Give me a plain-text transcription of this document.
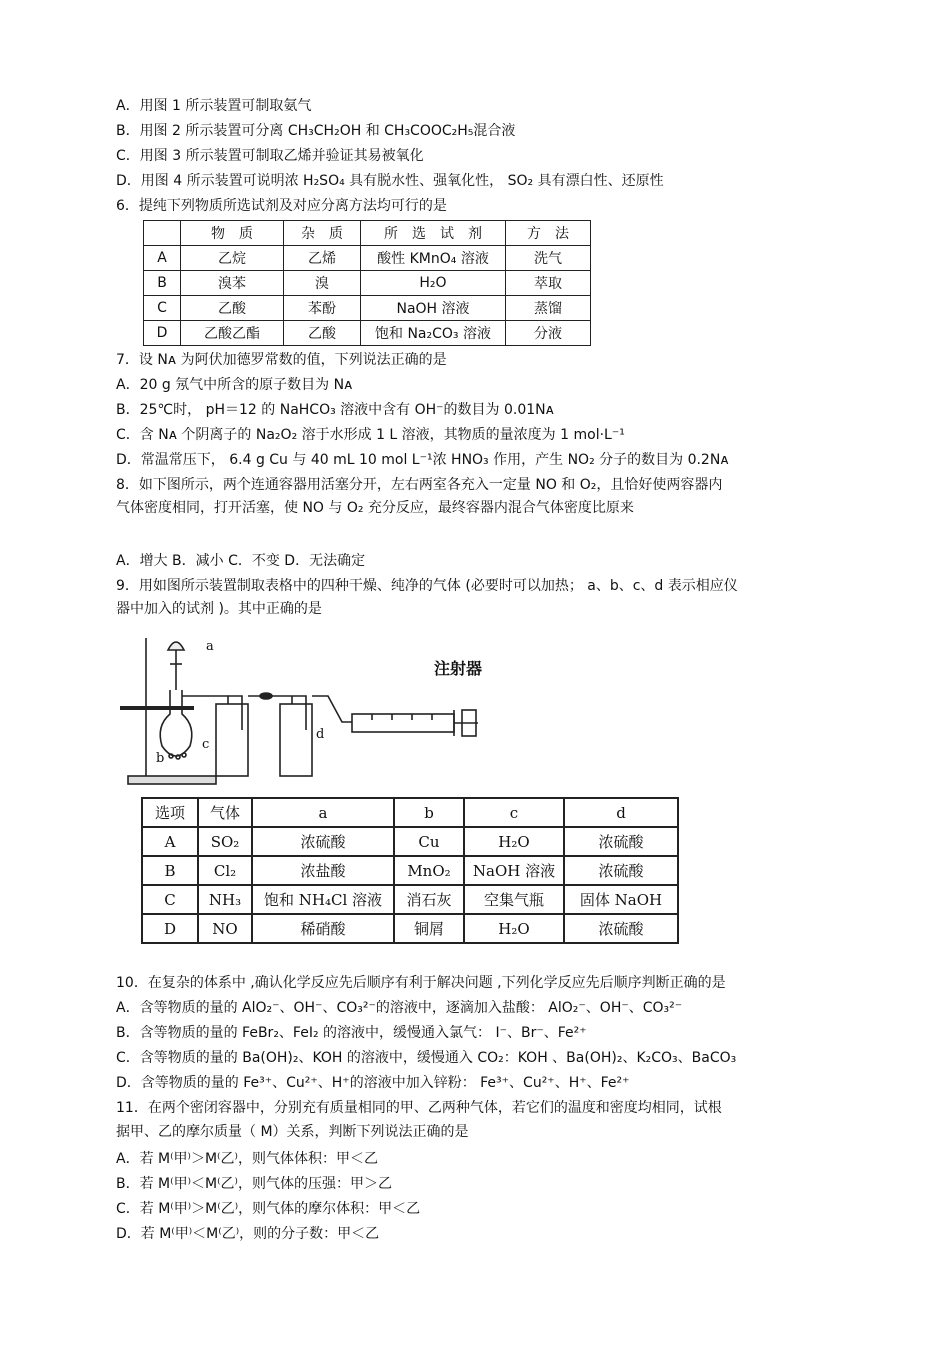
A．用图 1 所示装置可制取氨气
B．用图 2 所示装置可分离 CH₃CH₂OH 和 CH₃COOC₂H₅混合液
C．用图 3 所示装置可制取乙烯并验证其易被氧化
D．用图 4 所示装置可说明浓 H₂SO₄ 具有脱水性、强氧化性， SO₂ 具有漂白性、还原性
6．提纯下列物质所选试剂及对应分离方法均可行的是
	物　质	杂　质	所　选　试　剂	方　法
A	乙烷	乙烯	酸性 KMnO₄ 溶液	洗气
B	溴苯	溴	H₂O	萃取
C	乙酸	苯酚	NaOH 溶液	蒸馏
D	乙酸乙酯	乙酸	饱和 Na₂CO₃ 溶液	分液
7．设 Nᴀ 为阿伏加德罗常数的值，下列说法正确的是
A．20 g 氖气中所含的原子数目为 Nᴀ
B．25℃时， pH＝12 的 NaHCO₃ 溶液中含有 OH⁻的数目为 0.01Nᴀ
C．含 Nᴀ 个阴离子的 Na₂O₂ 溶于水形成 1 L 溶液，其物质的量浓度为 1 mol·L⁻¹
D．常温常压下， 6.4 g Cu 与 40 mL 10 mol L⁻¹浓 HNO₃ 作用，产生 NO₂ 分子的数目为 0.2Nᴀ
8．如下图所示，两个连通容器用活塞分开，左右两室各充入一定量 NO 和 O₂，且恰好使两容器内
气体密度相同，打开活塞，使 NO 与 O₂ 充分反应，最终容器内混合气体密度比原来
A．增大 B．减小 C．不变 D．无法确定
9．用如图所示装置制取表格中的四种干燥、纯净的气体 (必要时可以加热； a、b、c、d 表示相应仪
器中加入的试剂 )。其中正确的是
a
b
c
d
注射器
选项	气体	a	b	c	d
A	SO₂	浓硫酸	Cu	H₂O	浓硫酸
B	Cl₂	浓盐酸	MnO₂	NaOH 溶液	浓硫酸
C	NH₃	饱和 NH₄Cl 溶液	消石灰	空集气瓶	固体 NaOH
D	NO	稀硝酸	铜屑	H₂O	浓硫酸
10．在复杂的体系中 ,确认化学反应先后顺序有利于解决问题 ,下列化学反应先后顺序判断正确的是
A．含等物质的量的 AlO₂⁻、OH⁻、CO₃²⁻的溶液中，逐滴加入盐酸： AlO₂⁻、OH⁻、CO₃²⁻
B．含等物质的量的 FeBr₂、FeI₂ 的溶液中，缓慢通入氯气： I⁻、Br⁻、Fe²⁺
C．含等物质的量的 Ba(OH)₂、KOH 的溶液中，缓慢通入 CO₂：KOH 、Ba(OH)₂、K₂CO₃、BaCO₃
D．含等物质的量的 Fe³⁺、Cu²⁺、H⁺的溶液中加入锌粉： Fe³⁺、Cu²⁺、H⁺、Fe²⁺
11．在两个密闭容器中，分别充有质量相同的甲、乙两种气体，若它们的温度和密度均相同，试根
据甲、乙的摩尔质量（ M）关系，判断下列说法正确的是
A．若 M⁽甲⁾＞M⁽乙⁾，则气体体积：甲＜乙
B．若 M⁽甲⁾＜M⁽乙⁾，则气体的压强：甲＞乙
C．若 M⁽甲⁾＞M⁽乙⁾，则气体的摩尔体积：甲＜乙
D．若 M⁽甲⁾＜M⁽乙⁾，则的分子数：甲＜乙
